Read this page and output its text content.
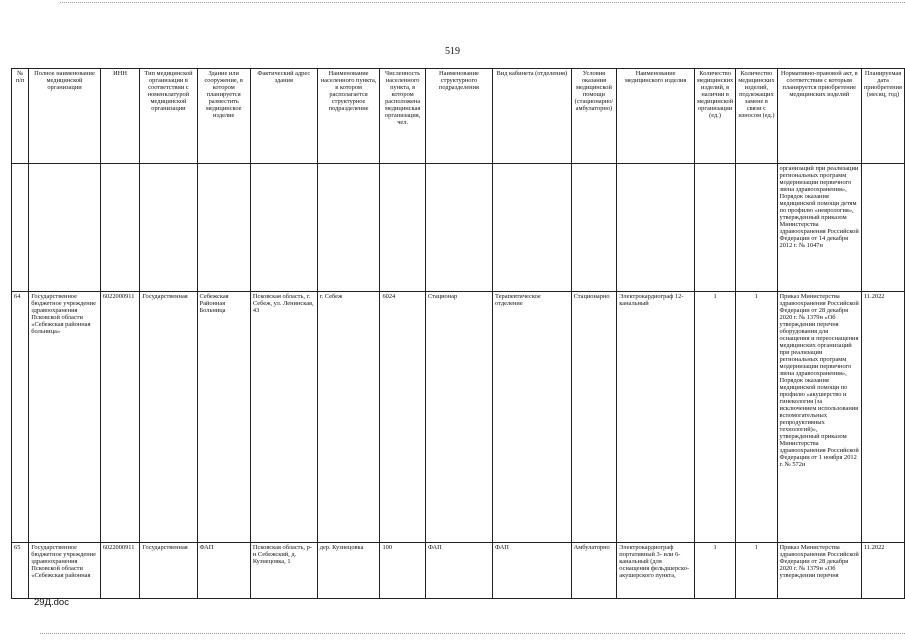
519
№ п/п	Полное наименование медицинской организации	ИНН	Тип медицинской организации в соответствии с номенклатурой медицинской организации	Здание или сооружение, в котором планируется разместить медицинское изделие	Фактический адрес здания	Наименование населенного пункта, в котором располагается структурное подразделение	Численность населенного пункта, в котором расположена медицинская организация, чел.	Наименование структурного подразделения	Вид кабинета (отделения)	Условия оказания медицинской помощи (стационарно/ амбулаторно)	Наименование медицинского изделия	Количество медицинских изделий, в наличии в медицинской организации (ед.)	Количество медицинских изделий, подлежащих замене в связи с износом (ед.)	Нормативно-правовой акт, в соответствии с которым планируется приобретение медицинских изделий	Планируемая дата приобретения (месяц, год)
														организаций при реализации региональных программ модернизации первичного звена здравоохранения», Порядок оказания медицинской помощи детям по профилю «неврология», утвержденный приказом Министерства здравоохранения Российской Федерации от 14 декабря 2012 г. № 1047н	
64	Государственное бюджетное учреждение здравоохранения Псковской области «Себежская районная больница»	6022000911	Государственная	Себежская Районная Больница	Псковская область, г. Себеж, ул. Ленинская, 43	г. Себеж	6024	Стационар	Терапевтическое отделение	Стационарно	Электрокардиограф 12-канальный	1	1	Приказ Министерства здравоохранения Российской Федерации от 28 декабря 2020 г. № 1379н «Об утверждении перечня оборудования для оснащения и переоснащения медицинских организаций при реализации региональных программ модернизации первичного звена здравоохранения», Порядок оказания медицинской помощи по профилю «акушерство и гинекология (за исключением использования вспомогательных репродуктивных технологий)», утвержденный приказом Министерства здравоохранения Российской Федерации от 1 ноября 2012 г. № 572н	11.2022
65	Государственное бюджетное учреждение здравоохранения Псковской области «Себежская районная	6022000911	Государственная	ФАП	Псковская область, р-н Себежский, д. Кузнецовка, 1	дер. Кузнецовка	100	ФАП	ФАП	Амбулаторно	Электрокардиограф портативный 3- или 6-канальный (для оснащения фельдшерско-акушерского пункта,	1	1	Приказ Министерства здравоохранения Российской Федерации от 28 декабря 2020 г. № 1379н «Об утверждении перечня	11.2022
29Д.doc
